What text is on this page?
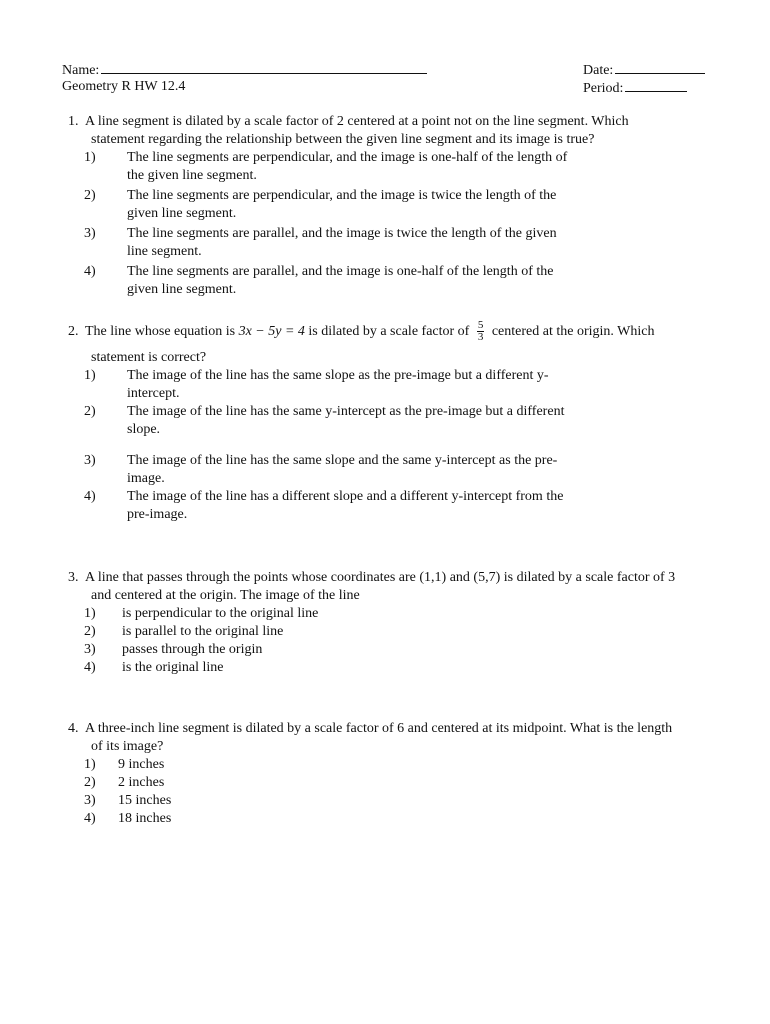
Name:
Geometry R HW 12.4
Date:
Period:
1. A line segment is dilated by a scale factor of 2 centered at a point not on the line segment. Which
statement regarding the relationship between the given line segment and its image is true?
1) The line segments are perpendicular, and the image is one-half of the length of
the given line segment.
2) The line segments are perpendicular, and the image is twice the length of the
given line segment.
3) The line segments are parallel, and the image is twice the length of the given
line segment.
4) The line segments are parallel, and the image is one-half of the length of the
given line segment.
2. The line whose equation is 3x − 5y = 4 is dilated by a scale factor of $\frac{5}{3}$ centered at the origin. Which
statement is correct?
1) The image of the line has the same slope as the pre-image but a different y-
intercept.
2) The image of the line has the same y-intercept as the pre-image but a different
slope.
3) The image of the line has the same slope and the same y-intercept as the pre-
image.
4) The image of the line has a different slope and a different y-intercept from the
pre-image.
3. A line that passes through the points whose coordinates are (1,1) and (5,7) is dilated by a scale factor of 3
and centered at the origin. The image of the line
1) is perpendicular to the original line
2) is parallel to the original line
3) passes through the origin
4) is the original line
4. A three-inch line segment is dilated by a scale factor of 6 and centered at its midpoint. What is the length
of its image?
1) 9 inches
2) 2 inches
3) 15 inches
4) 18 inches
